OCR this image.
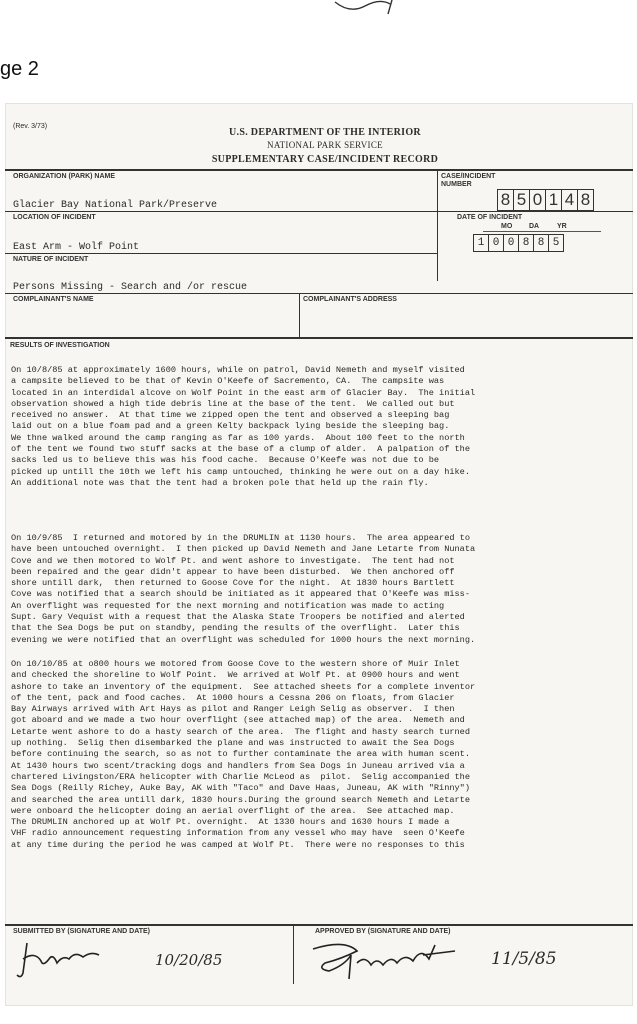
ge 2
(Rev. 3/73)
U.S. DEPARTMENT OF THE INTERIOR
NATIONAL PARK SERVICE
SUPPLEMENTARY CASE/INCIDENT RECORD
ORGANIZATION (PARK) NAME
Glacier Bay National Park/Preserve
CASE/INCIDENT
NUMBER
8 5 0 1 4 8
LOCATION OF INCIDENT
East Arm - Wolf Point
DATE OF INCIDENT
MO DA	YR
1 0 0 8 8 5
NATURE OF INCIDENT
Persons Missing - Search and /or rescue
COMPLAINANT'S NAME	COMPLAINANT'S ADDRESS
RESULTS OF INVESTIGATION

On 10/8/85 at approximately 1600 hours, while on patrol, David Nemeth and myself visited
a campsite believed to be that of Kevin O'Keefe of Sacremento, CA.  The campsite was
located in an interdidal alcove on Wolf Point in the east arm of Glacier Bay.  The initial
observation showed a high tide debris line at the base of the tent.  We called out but
received no answer.  At that time we zipped open the tent and observed a sleeping bag
laid out on a blue foam pad and a green Kelty backpack lying beside the sleeping bag.
We thne walked around the camp ranging as far as 100 yards.  About 100 feet to the north
of the tent we found two stuff sacks at the base of a clump of alder.  A palpation of the
sacks led us to believe this was his food cache.  Because O'Keefe was not due to be
picked up untill the 10th we left his camp untouched, thinking he were out on a day hike.
An additional note was that the tent had a broken pole that held up the rain fly.

On 10/9/85  I returned and motored by in the DRUMLIN at 1130 hours.  The area appeared to
have been untouched overnight.  I then picked up David Nemeth and Jane Letarte from Nunata
Cove and we then motored to Wolf Pt. and went ashore to investigate.  The tent had not
been repaired and the gear didn't appear to have been disturbed.  We then anchored off
shore untill dark,  then returned to Goose Cove for the night.  At 1830 hours Bartlett
Cove was notified that a search should be initiated as it appeared that O'Keefe was miss-
An overflight was requested for the next morning and notification was made to acting
Supt. Gary Vequist with a request that the Alaska State Troopers be notified and alerted
that the Sea Dogs be put on standby, pending the results of the overflight.  Later this
evening we were notified that an overflight was scheduled for 1000 hours the next morning.

On 10/10/85 at o800 hours we motored from Goose Cove to the western shore of Muir Inlet
and checked the shoreline to Wolf Point.  We arrived at Wolf Pt. at 0900 hours and went
ashore to take an inventory of the equipment.  See attached sheets for a complete inventor
of the tent, pack and food caches.  At 1000 hours a Cessna 206 on floats, from Glacier
Bay Airways arrived with Art Hays as pilot and Ranger Leigh Selig as observer.  I then
got aboard and we made a two hour overflight (see attached map) of the area.  Nemeth and
Letarte went ashore to do a hasty search of the area.  The flight and hasty search turned
up nothing.  Selig then disembarked the plane and was instructed to await the Sea Dogs
before continuing the search, so as not to further contaminate the area with human scent.
At 1430 hours two scent/tracking dogs and handlers from Sea Dogs in Juneau arrived via a
chartered Livingston/ERA helicopter with Charlie McLeod as  pilot.  Selig accompanied the
Sea Dogs (Reilly Richey, Auke Bay, AK with "Taco" and Dave Haas, Juneau, AK with "Rinny")
and searched the area untill dark, 1830 hours.During the ground search Nemeth and Letarte
were onboard the helicopter doing an aerial overflight of the area.  See attached map.
The DRUMLIN anchored up at Wolf Pt. overnight.  At 1330 hours and 1630 hours I made a
VHF radio announcement requesting information from any vessel who may have  seen O'Keefe
at any time during the period he was camped at Wolf Pt.  There were no responses to this

SUBMITTED BY (SIGNATURE AND DATE)	APPROVED BY (SIGNATURE AND DATE)
10/20/85	11/5/85
